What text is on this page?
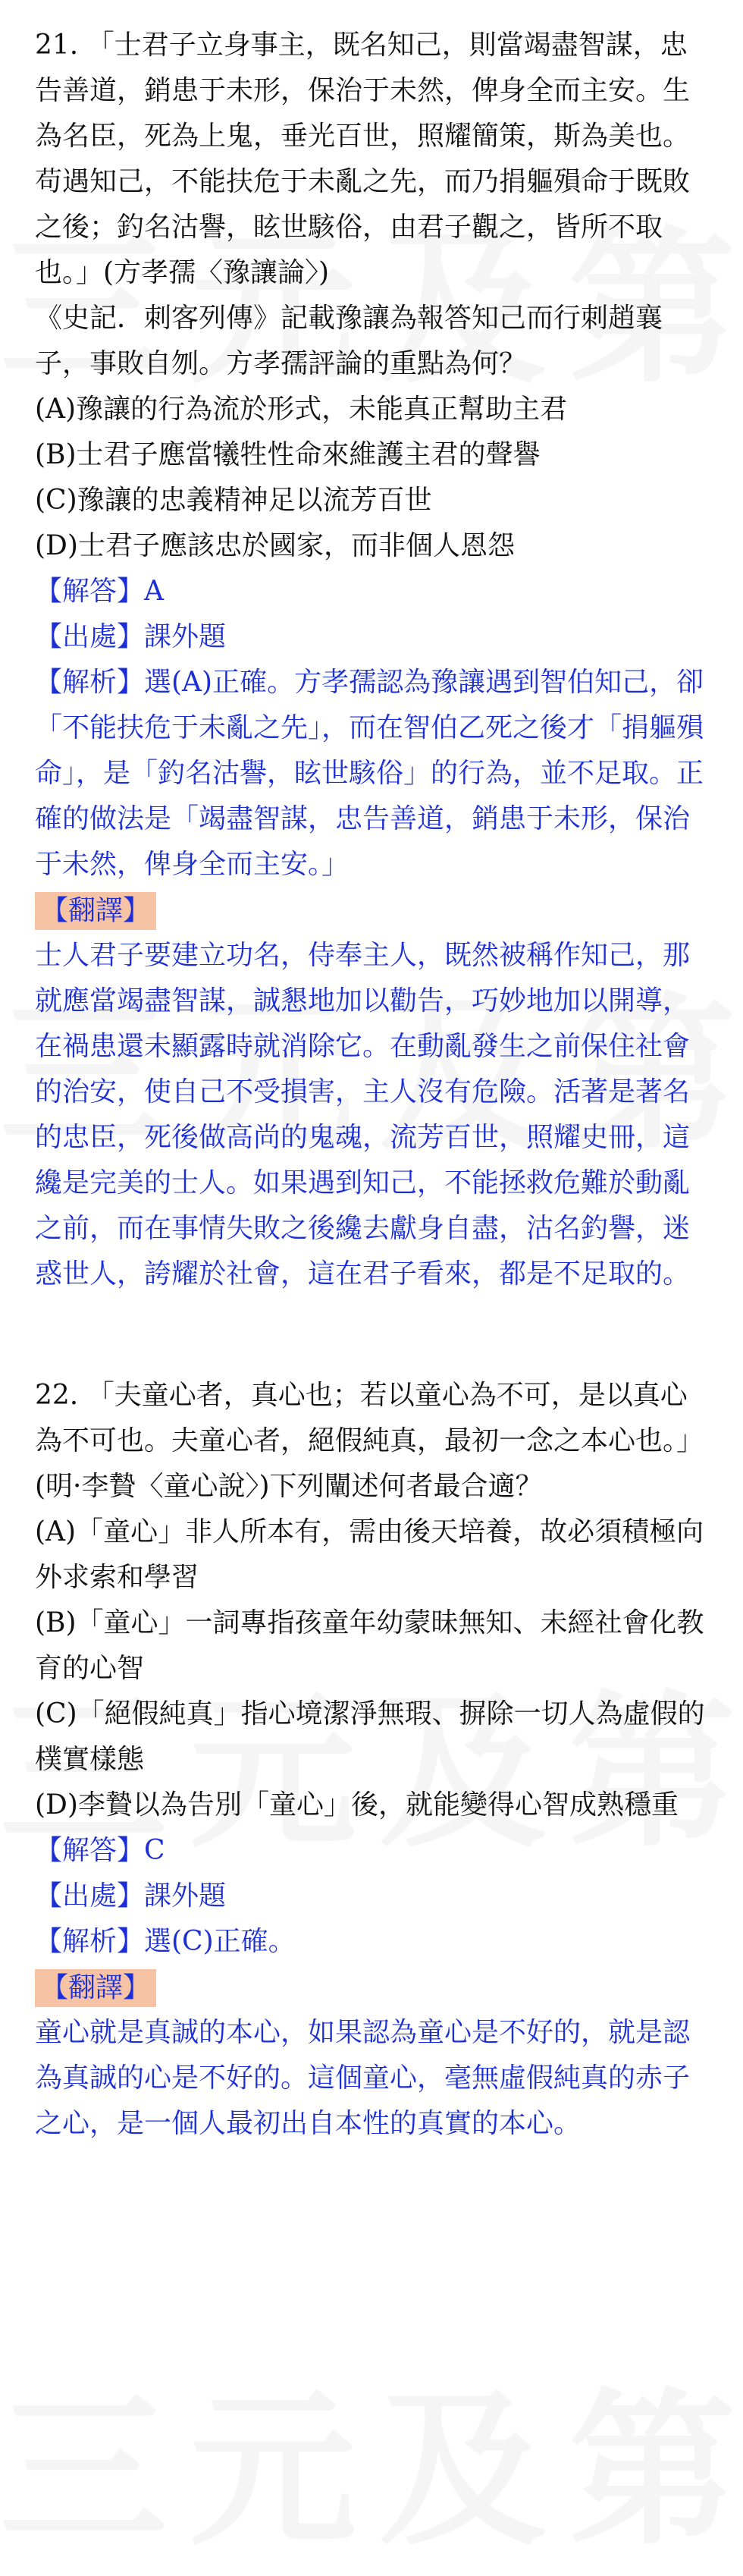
21. 「士君子立身事主，既名知己，則當竭盡智謀，忠告善道，銷患于未形，保治于未然，俾身全而主安。生為名臣，死為上鬼，垂光百世，照耀簡策，斯為美也。苟遇知己，不能扶危于未亂之先，而乃捐軀殞命于既敗之後；釣名沽譽，眩世駭俗，由君子觀之，皆所不取也。」(方孝孺〈豫讓論〉)

《史記．刺客列傳》記載豫讓為報答知己而行刺趙襄子，事敗自刎。方孝孺評論的重點為何？

(A)豫讓的行為流於形式，未能真正幫助主君

(B)士君子應當犧牲性命來維護主君的聲譽

(C)豫讓的忠義精神足以流芳百世

(D)士君子應該忠於國家，而非個人恩怨

【解答】A

【出處】課外題

【解析】選(A)正確。方孝孺認為豫讓遇到智伯知己，卻「不能扶危于未亂之先」，而在智伯乙死之後才「捐軀殞命」，是「釣名沽譽，眩世駭俗」的行為，並不足取。正確的做法是「竭盡智謀，忠告善道，銷患于未形，保治于未然，俾身全而主安。」

【翻譯】

士人君子要建立功名，侍奉主人，既然被稱作知己，那就應當竭盡智謀，誠懇地加以勸告，巧妙地加以開導，在禍患還未顯露時就消除它。在動亂發生之前保住社會的治安，使自己不受損害，主人沒有危險。活著是著名的忠臣，死後做高尚的鬼魂，流芳百世，照耀史冊，這纔是完美的士人。如果遇到知己，不能拯救危難於動亂之前，而在事情失敗之後纔去獻身自盡，沽名釣譽，迷惑世人，誇耀於社會，這在君子看來，都是不足取的。

22. 「夫童心者，真心也；若以童心為不可，是以真心為不可也。夫童心者，絕假純真，最初一念之本心也。」(明·李贄〈童心說〉)下列闡述何者最合適？

(A)「童心」非人所本有，需由後天培養，故必須積極向外求索和學習

(B)「童心」一詞專指孩童年幼蒙昧無知、未經社會化教育的心智

(C)「絕假純真」指心境潔淨無瑕、摒除一切人為虛假的樸實樣態

(D)李贄以為告別「童心」後，就能變得心智成熟穩重

【解答】C

【出處】課外題

【解析】選(C)正確。

【翻譯】

童心就是真誠的本心，如果認為童心是不好的，就是認為真誠的心是不好的。這個童心，毫無虛假純真的赤子之心，是一個人最初出自本性的真實的本心。
